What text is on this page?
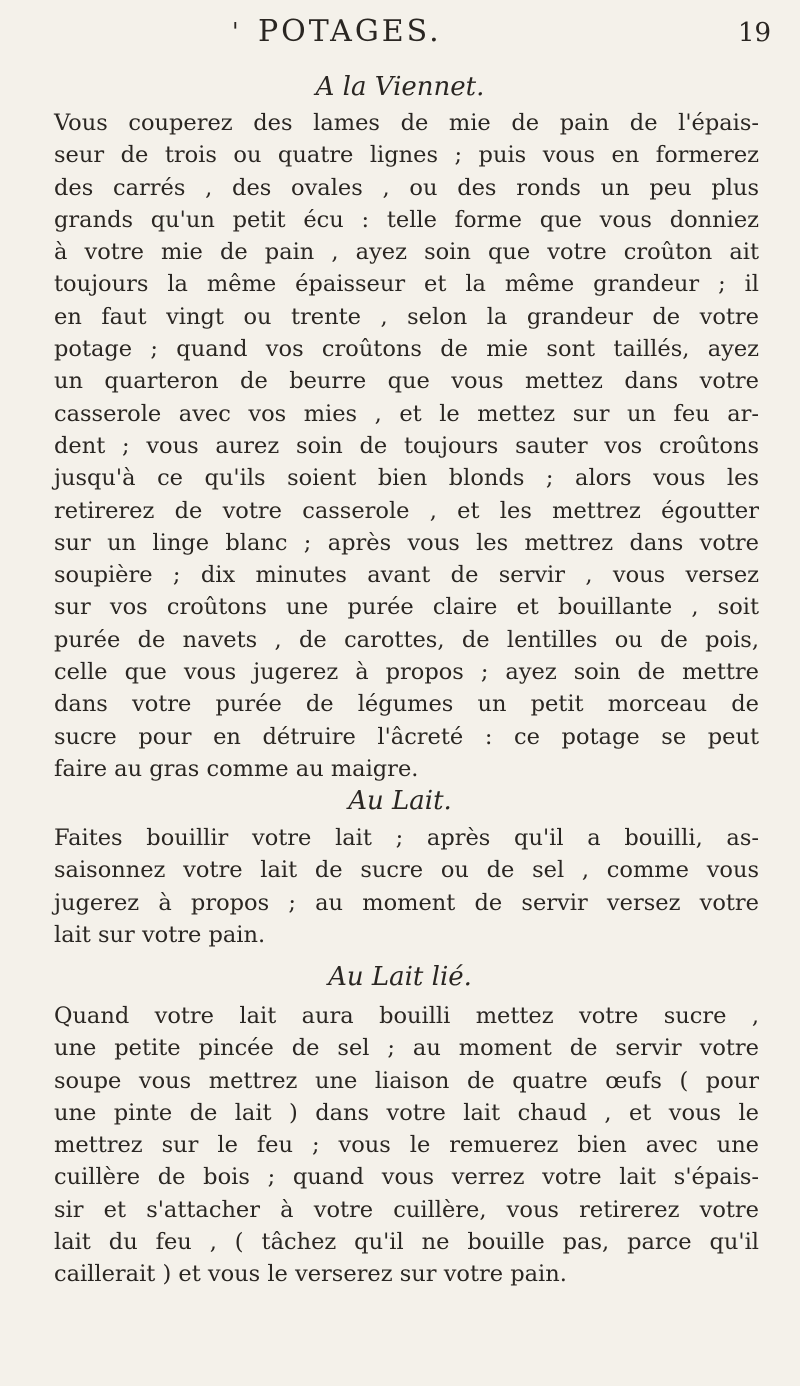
' POTAGES.	19
A la Viennet.
Vous couperez des lames de mie de pain de l'épais-
seur de trois ou quatre lignes ; puis vous en formerez
des carrés , des ovales , ou des ronds un peu plus
grands qu'un petit écu : telle forme que vous donniez
à votre mie de pain , ayez soin que votre croûton ait
toujours la même épaisseur et la même grandeur ; il
en faut vingt ou trente , selon la grandeur de votre
potage ; quand vos croûtons de mie sont taillés, ayez
un quarteron de beurre que vous mettez dans votre
casserole avec vos mies , et le mettez sur un feu ar-
dent ; vous aurez soin de toujours sauter vos croûtons
jusqu'à ce qu'ils soient bien blonds ; alors vous les
retirerez de votre casserole , et les mettrez égoutter
sur un linge blanc ; après vous les mettrez dans votre
soupière ; dix minutes avant de servir , vous versez
sur vos croûtons une purée claire et bouillante , soit
purée de navets , de carottes, de lentilles ou de pois,
celle que vous jugerez à propos ; ayez soin de mettre
dans votre purée de légumes un petit morceau de
sucre pour en détruire l'âcreté : ce potage se peut
faire au gras comme au maigre.
Au Lait.
Faites bouillir votre lait ; après qu'il a bouilli, as-
saisonnez votre lait de sucre ou de sel , comme vous
jugerez à propos ; au moment de servir versez votre
lait sur votre pain.
Au Lait lié.
Quand votre lait aura bouilli mettez votre sucre ,
une petite pincée de sel ; au moment de servir votre
soupe vous mettrez une liaison de quatre œufs ( pour
une pinte de lait ) dans votre lait chaud , et vous le
mettrez sur le feu ; vous le remuerez bien avec une
cuillère de bois ; quand vous verrez votre lait s'épais-
sir et s'attacher à votre cuillère, vous retirerez votre
lait du feu , ( tâchez qu'il ne bouille pas, parce qu'il
caillerait ) et vous le verserez sur votre pain.
